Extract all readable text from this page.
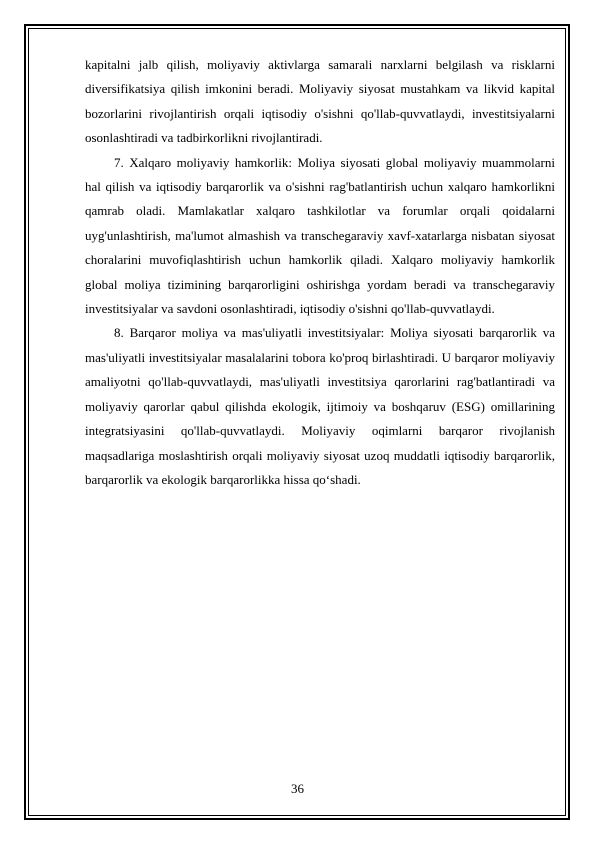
kapitalni jalb qilish, moliyaviy aktivlarga samarali narxlarni belgilash va risklarni diversifikatsiya qilish imkonini beradi. Moliyaviy siyosat mustahkam va likvid kapital bozorlarini rivojlantirish orqali iqtisodiy o'sishni qo'llab-quvvatlaydi, investitsiyalarni osonlashtiradi va tadbirkorlikni rivojlantiradi.

7. Xalqaro moliyaviy hamkorlik: Moliya siyosati global moliyaviy muammolarni hal qilish va iqtisodiy barqarorlik va o'sishni rag'batlantirish uchun xalqaro hamkorlikni qamrab oladi. Mamlakatlar xalqaro tashkilotlar va forumlar orqali qoidalarni uyg'unlashtirish, ma'lumot almashish va transchegaraviy xavf-xatarlarga nisbatan siyosat choralarini muvofiqlashtirish uchun hamkorlik qiladi. Xalqaro moliyaviy hamkorlik global moliya tizimining barqarorligini oshirishga yordam beradi va transchegaraviy investitsiyalar va savdoni osonlashtiradi, iqtisodiy o'sishni qo'llab-quvvatlaydi.

8. Barqaror moliya va mas'uliyatli investitsiyalar: Moliya siyosati barqarorlik va mas'uliyatli investitsiyalar masalalarini tobora ko'proq birlashtiradi. U barqaror moliyaviy amaliyotni qo'llab-quvvatlaydi, mas'uliyatli investitsiya qarorlarini rag'batlantiradi va moliyaviy qarorlar qabul qilishda ekologik, ijtimoiy va boshqaruv (ESG) omillarining integratsiyasini qo'llab-quvvatlaydi. Moliyaviy oqimlarni barqaror rivojlanish maqsadlariga moslashtirish orqali moliyaviy siyosat uzoq muddatli iqtisodiy barqarorlik, barqarorlik va ekologik barqarorlikka hissa qo‘shadi.

36
